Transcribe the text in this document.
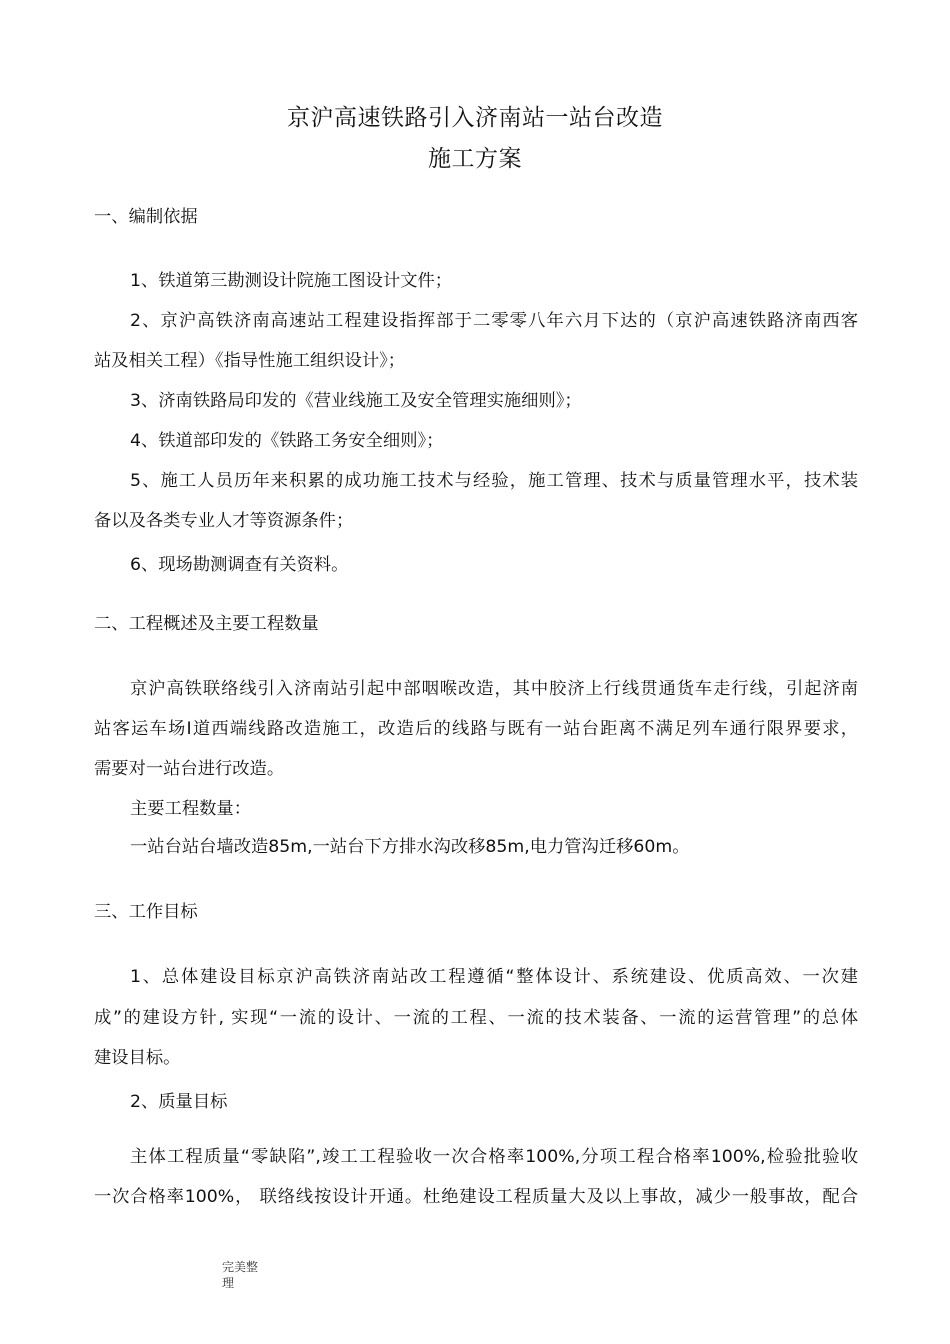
京沪高速铁路引入济南站一站台改造
施工方案
一、编制依据
1、铁道第三勘测设计院施工图设计文件；
2、京沪高铁济南高速站工程建设指挥部于二零零八年六月下达的（京沪高速铁路济南西客
站及相关工程）《指导性施工组织设计》；
3、济南铁路局印发的《营业线施工及安全管理实施细则》；
4、铁道部印发的《铁路工务安全细则》；
5、施工人员历年来积累的成功施工技术与经验，施工管理、技术与质量管理水平，技术装
备以及各类专业人才等资源条件；
6、现场勘测调查有关资料。
二、工程概述及主要工程数量
京沪高铁联络线引入济南站引起中部咽喉改造，其中胶济上行线贯通货车走行线，引起济南
站客运车场Ⅰ道西端线路改造施工，改造后的线路与既有一站台距离不满足列车通行限界要求，
需要对一站台进行改造。
主要工程数量：
一站台站台墙改造85m,一站台下方排水沟改移85m,电力管沟迁移60m。
三、工作目标
1、总体建设目标京沪高铁济南站改工程遵循“整体设计、系统建设、优质高效、一次建
成”的建设方针, 实现“一流的设计、一流的工程、一流的技术装备、一流的运营管理”的总体
建设目标。
2、质量目标
主体工程质量“零缺陷”,竣工工程验收一次合格率100%,分项工程合格率100%,检验批验收
一次合格率100%， 联络线按设计开通。杜绝建设工程质量大及以上事故，减少一般事故，配合
完美整
理
